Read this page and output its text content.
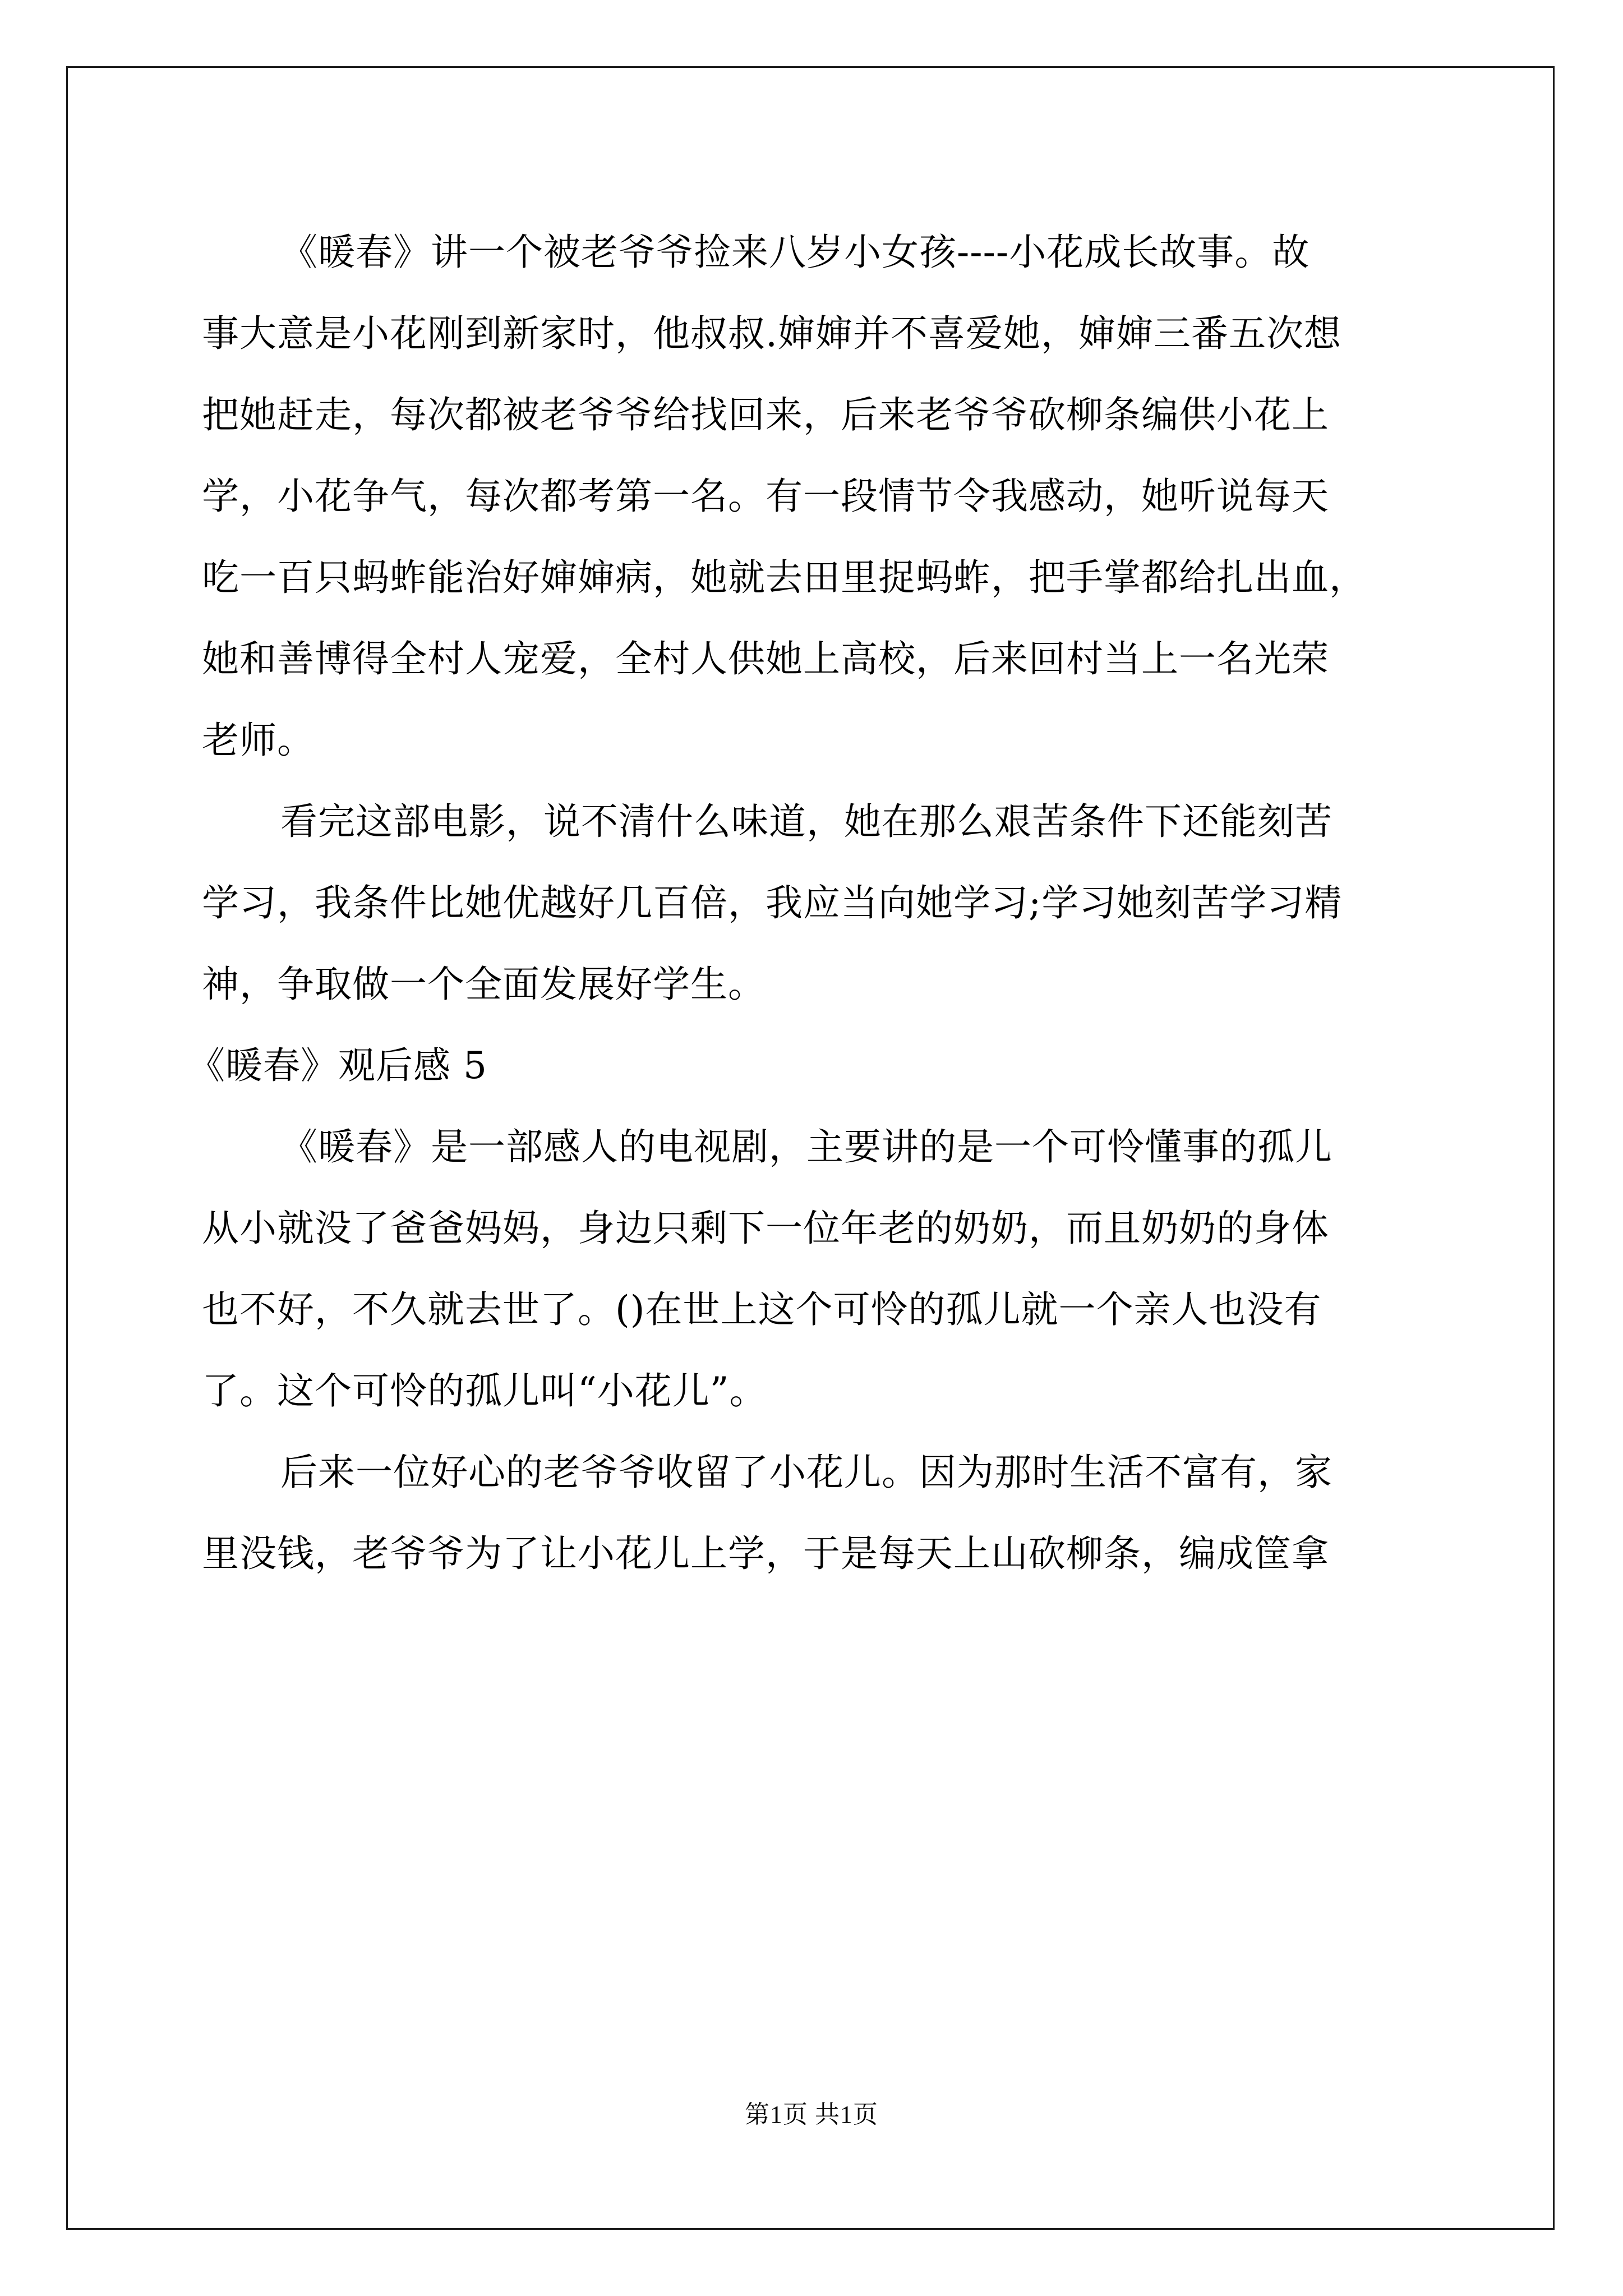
《暖春》讲一个被老爷爷捡来八岁小女孩----小花成长故事。故
事大意是小花刚到新家时，他叔叔.婶婶并不喜爱她，婶婶三番五次想
把她赶走，每次都被老爷爷给找回来，后来老爷爷砍柳条编供小花上
学，小花争气，每次都考第一名。有一段情节令我感动，她听说每天
吃一百只蚂蚱能治好婶婶病，她就去田里捉蚂蚱，把手掌都给扎出血，
她和善博得全村人宠爱，全村人供她上高校，后来回村当上一名光荣
老师。
看完这部电影，说不清什么味道，她在那么艰苦条件下还能刻苦
学习，我条件比她优越好几百倍，我应当向她学习;学习她刻苦学习精
神，争取做一个全面发展好学生。
《暖春》观后感 5
《暖春》是一部感人的电视剧，主要讲的是一个可怜懂事的孤儿
从小就没了爸爸妈妈，身边只剩下一位年老的奶奶，而且奶奶的身体
也不好，不久就去世了。()在世上这个可怜的孤儿就一个亲人也没有
了。这个可怜的孤儿叫“小花儿”。
后来一位好心的老爷爷收留了小花儿。因为那时生活不富有，家
里没钱，老爷爷为了让小花儿上学，于是每天上山砍柳条，编成筐拿
第1页 共1页
